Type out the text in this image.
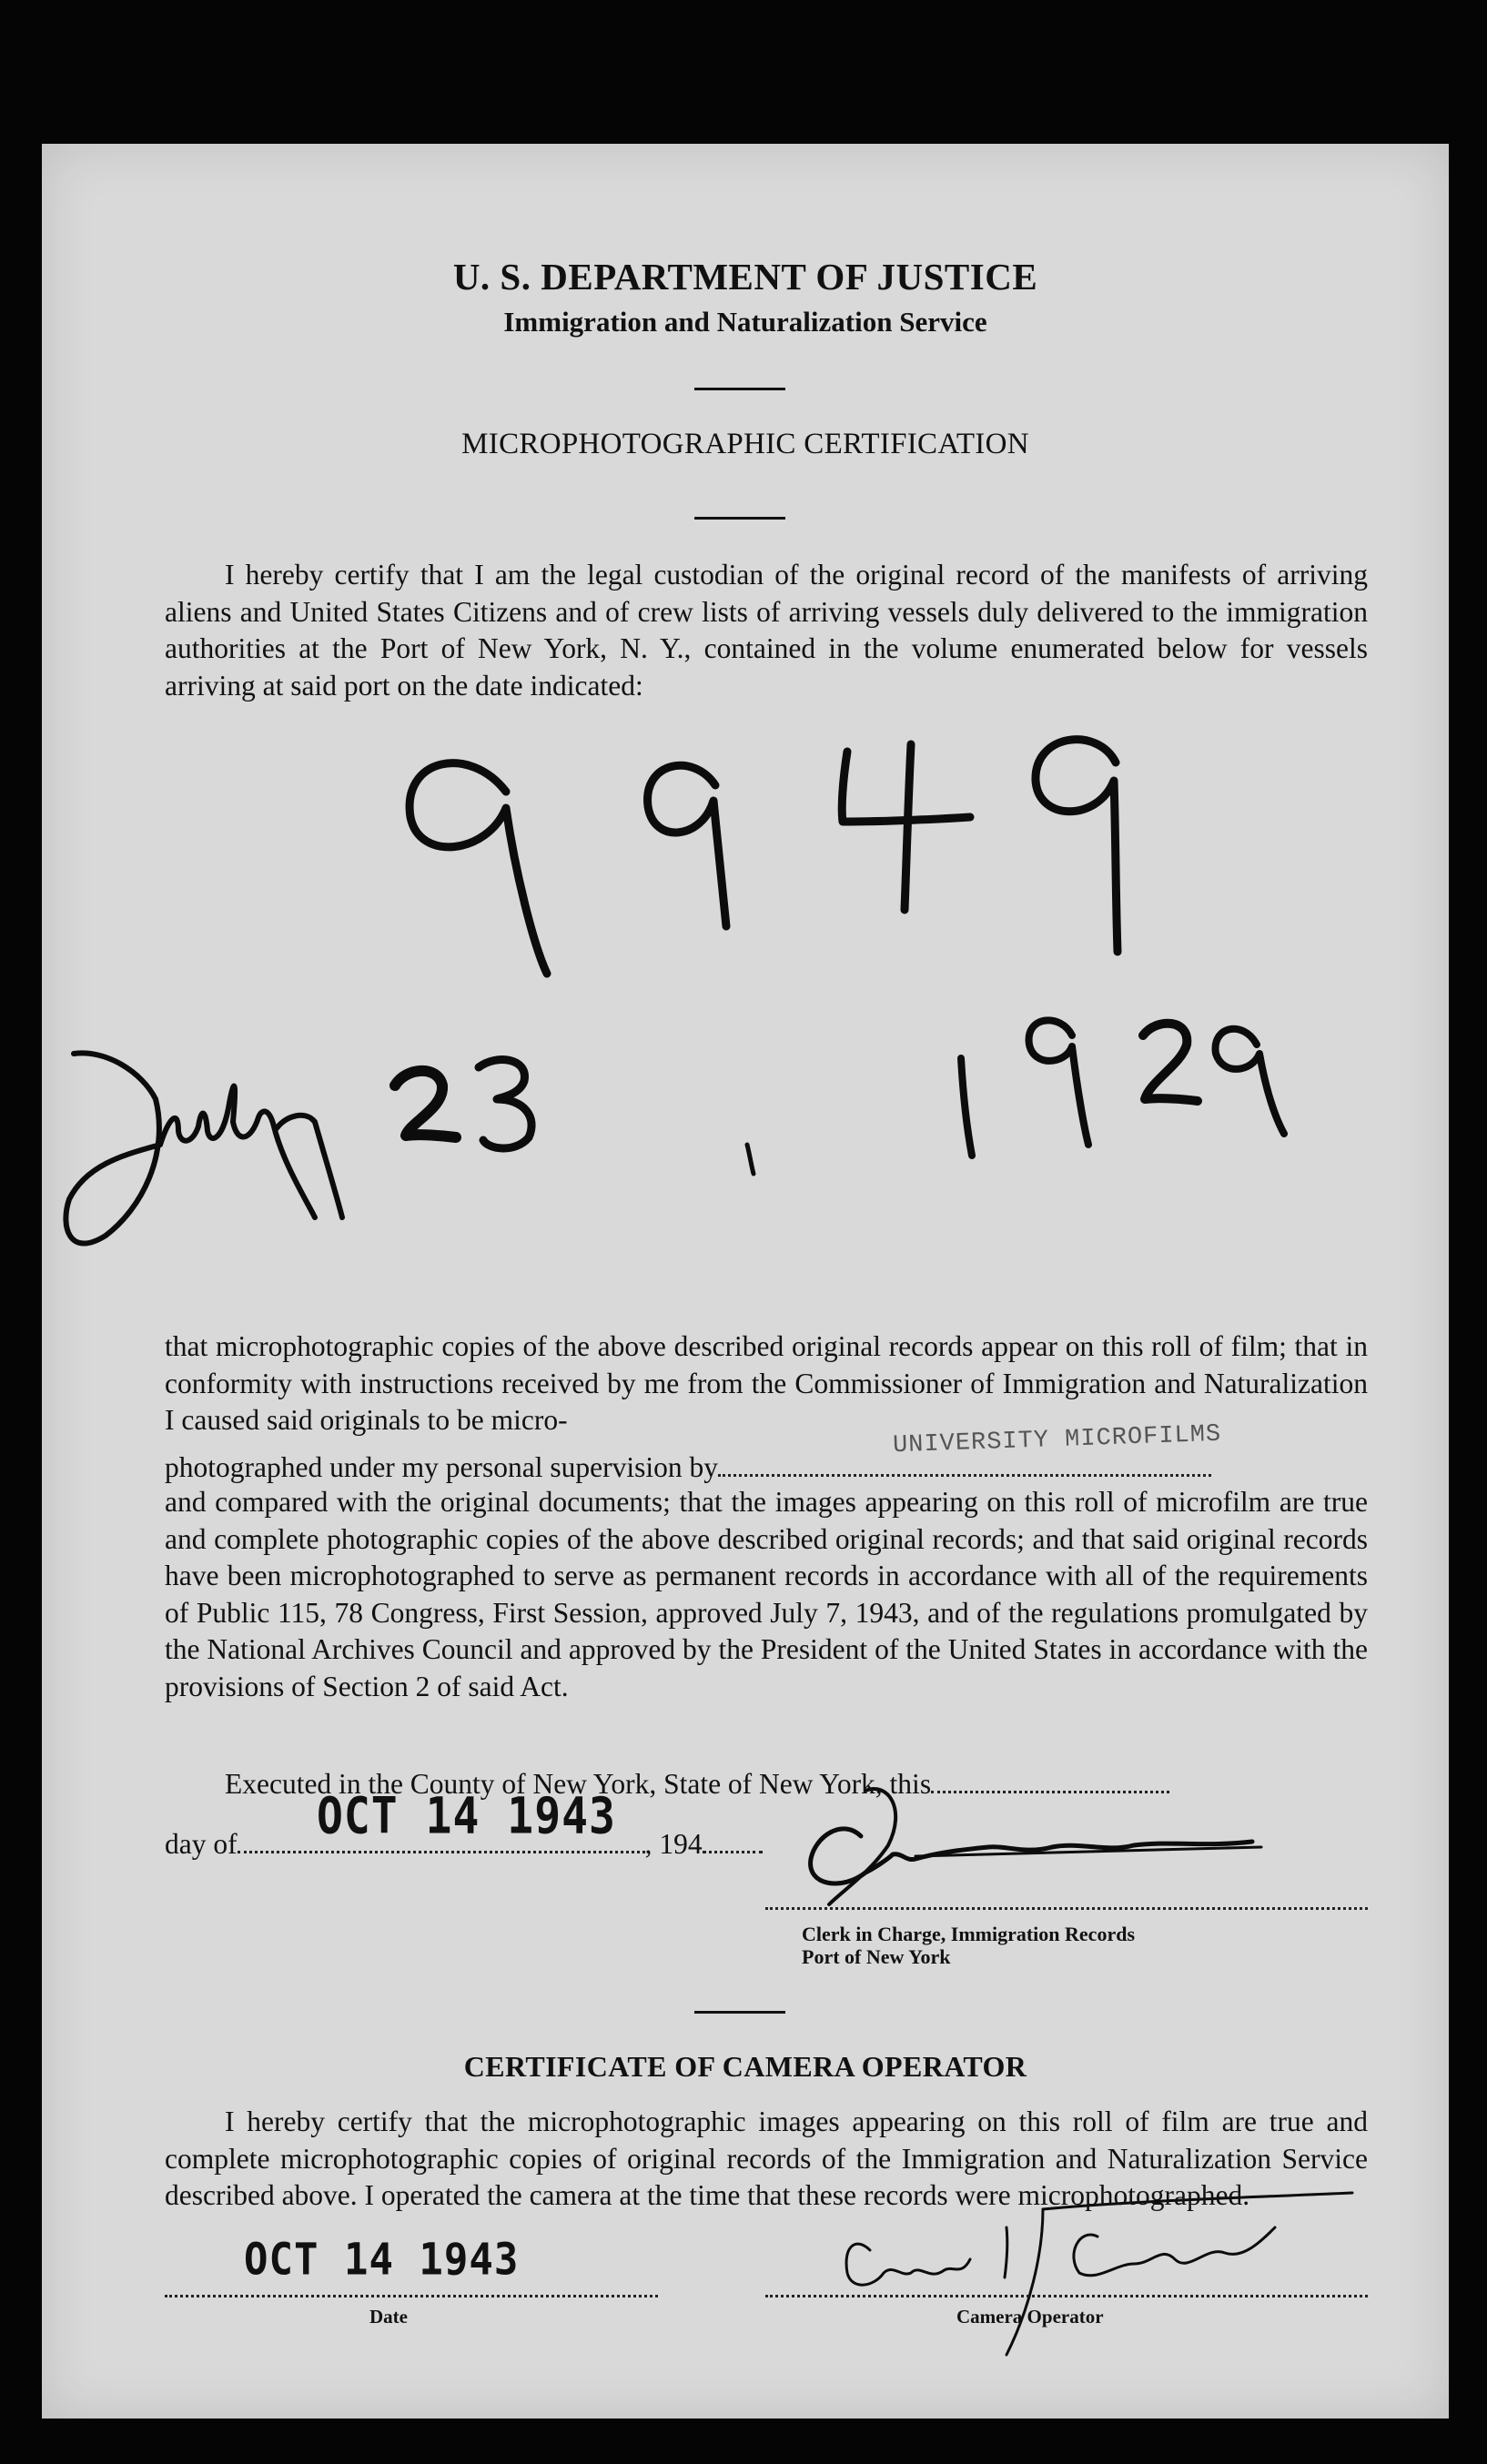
U. S. DEPARTMENT OF JUSTICE
Immigration and Naturalization Service
MICROPHOTOGRAPHIC CERTIFICATION
I hereby certify that I am the legal custodian of the original record of the manifests of arriving aliens and United States Citizens and of crew lists of arriving vessels duly delivered to the immigration authorities at the Port of New York, N. Y., contained in the volume enumerated below for vessels arriving at said port on the date indicated:
that microphotographic copies of the above described original records appear on this roll of film; that in conformity with instructions received by me from the Commissioner of Immigration and Naturalization I caused said originals to be micro-
UNIVERSITY MICROFILMS
photographed under my personal supervision by
and compared with the original documents; that the images appearing on this roll of microfilm are true and complete photographic copies of the above described original records; and that said original records have been microphotographed to serve as permanent records in accordance with all of the requirements of Public 115, 78 Congress, First Session, approved July 7, 1943, and of the regulations promulgated by the National Archives Council and approved by the President of the United States in accordance with the provisions of Section 2 of said Act.
Executed in the County of New York, State of New York, this
day of	, 194
OCT 14 1943
Clerk in Charge, Immigration Records
Port of New York
CERTIFICATE OF CAMERA OPERATOR
I hereby certify that the microphotographic images appearing on this roll of film are true and complete microphotographic copies of original records of the Immigration and Naturalization Service described above. I operated the camera at the time that these records were microphotographed.
OCT 14 1943
Date	Camera Operator
